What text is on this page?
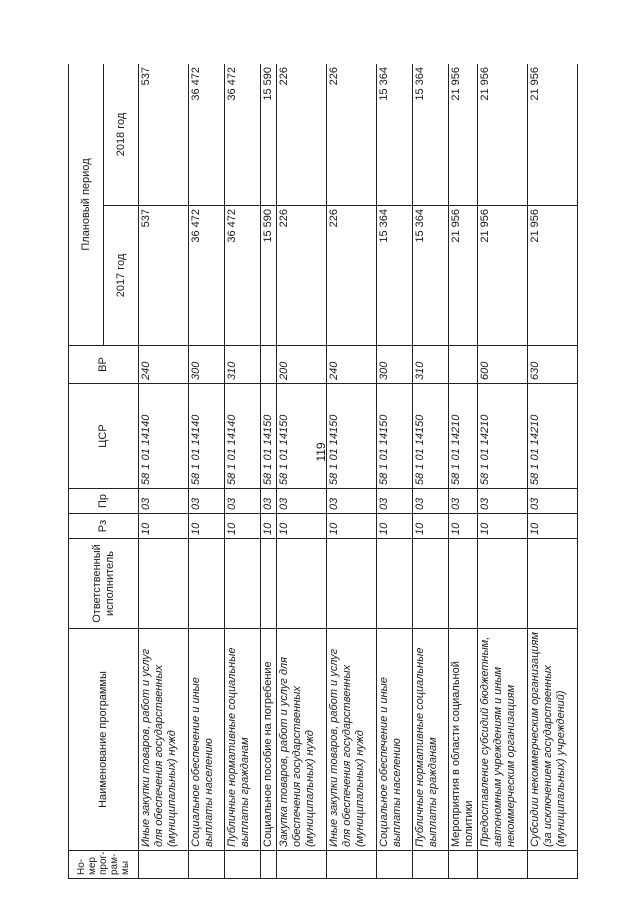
119
Но-
мер
прог-
рам-
мы	Наименование программы	Ответственный исполнитель	Рз	Пр	ЦСР	ВР	Плановый период	
							2017 год	2018 год
	Иные закупки товаров, работ и услуг для обеспечения государственных (муниципальных) нужд		10	03	58 1 01 14140	240	537	537
	Социальное обеспечение и иные выплаты населению		10	03	58 1 01 14140	300	36 472	36 472
	Публичные нормативные социальные выплаты гражданам		10	03	58 1 01 14140	310	36 472	36 472
	Социальное пособие на погребение		10	03	58 1 01 14150		15 590	15 590
	Закупка товаров, работ и услуг для обеспечения государственных (муниципальных) нужд		10	03	58 1 01 14150	200	226	226
	Иные закупки товаров, работ и услуг для обеспечения государственных (муниципальных) нужд		10	03	58 1 01 14150	240	226	226
	Социальное обеспечение и иные выплаты населению		10	03	58 1 01 14150	300	15 364	15 364
	Публичные нормативные социальные выплаты гражданам		10	03	58 1 01 14150	310	15 364	15 364
	Мероприятия в области социальной политики		10	03	58 1 01 14210		21 956	21 956
	Предоставление субсидий бюджетным, автономным учреждениям и иным некоммерческим организациям		10	03	58 1 01 14210	600	21 956	21 956
	Субсидии некоммерческим организациям (за исключением государственных (муниципальных) учреждений)		10	03	58 1 01 14210	630	21 956	21 956
